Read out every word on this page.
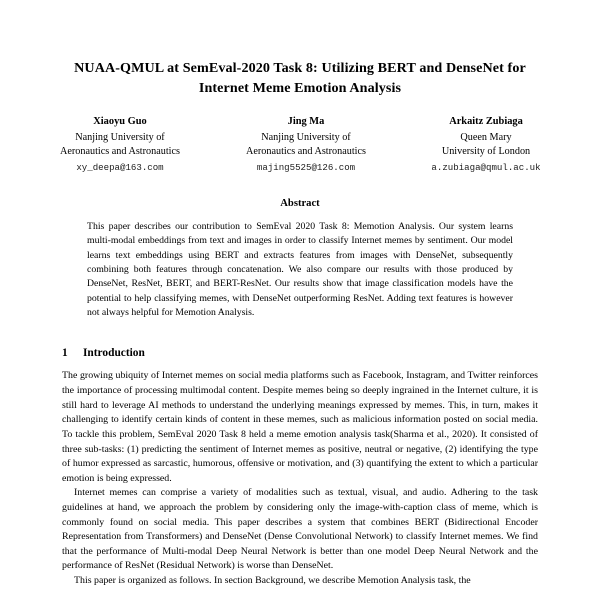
NUAA-QMUL at SemEval-2020 Task 8: Utilizing BERT and DenseNet for Internet Meme Emotion Analysis
Xiaoyu Guo
Nanjing University of
Aeronautics and Astronautics
xy_deepa@163.com
Jing Ma
Nanjing University of
Aeronautics and Astronautics
majing5525@126.com
Arkaitz Zubiaga
Queen Mary
University of London
a.zubiaga@qmul.ac.uk
Abstract
This paper describes our contribution to SemEval 2020 Task 8: Memotion Analysis. Our system learns multi-modal embeddings from text and images in order to classify Internet memes by sentiment. Our model learns text embeddings using BERT and extracts features from images with DenseNet, subsequently combining both features through concatenation. We also compare our results with those produced by DenseNet, ResNet, BERT, and BERT-ResNet. Our results show that image classification models have the potential to help classifying memes, with DenseNet outperforming ResNet. Adding text features is however not always helpful for Memotion Analysis.
1	Introduction

The growing ubiquity of Internet memes on social media platforms such as Facebook, Instagram, and Twitter reinforces the importance of processing multimodal content. Despite memes being so deeply ingrained in the Internet culture, it is still hard to leverage AI methods to understand the underlying meanings expressed by memes. This, in turn, makes it challenging to identify certain kinds of content in these memes, such as malicious information posted on social media. To tackle this problem, SemEval 2020 Task 8 held a meme emotion analysis task(Sharma et al., 2020). It consisted of three sub-tasks: (1) predicting the sentiment of Internet memes as positive, neutral or negative, (2) identifying the type of humor expressed as sarcastic, humorous, offensive or motivation, and (3) quantifying the extent to which a particular emotion is being expressed.

Internet memes can comprise a variety of modalities such as textual, visual, and audio. Adhering to the task guidelines at hand, we approach the problem by considering only the image-with-caption class of meme, which is commonly found on social media. This paper describes a system that combines BERT (Bidirectional Encoder Representation from Transformers) and DenseNet (Dense Convolutional Network) to classify Internet memes. We find that the performance of Multi-modal Deep Neural Network is better than one model Deep Neural Network and the performance of ResNet (Residual Network) is worse than DenseNet.

This paper is organized as follows. In section Background, we describe Memotion Analysis task, the
